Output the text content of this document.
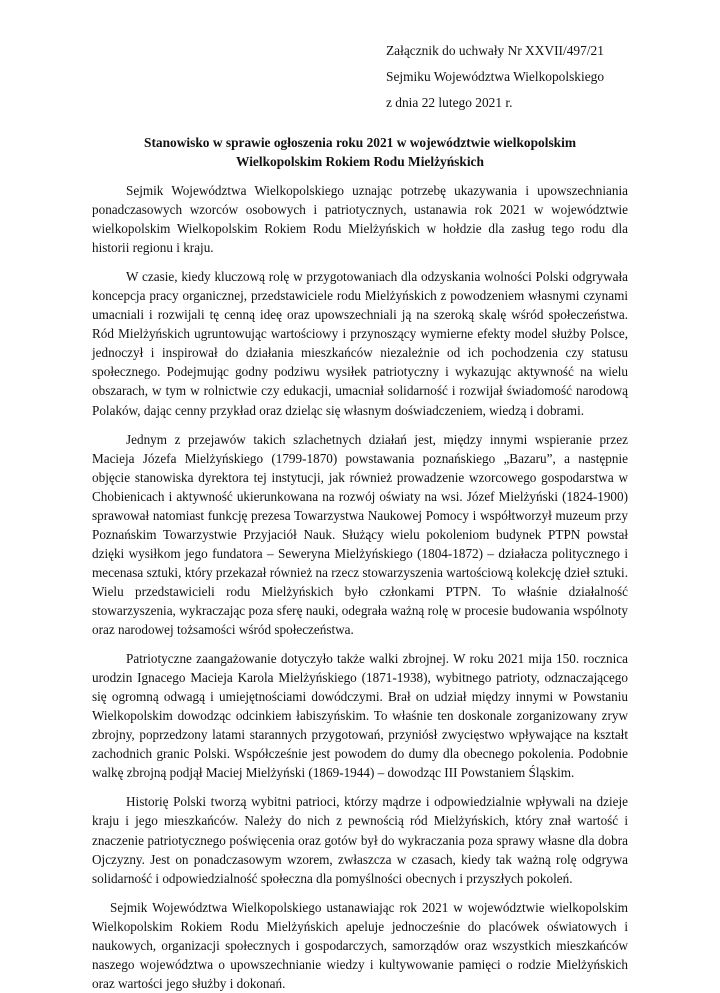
Załącznik do uchwały Nr XXVII/497/21
Sejmiku Województwa Wielkopolskiego
z dnia 22 lutego 2021 r.
Stanowisko w sprawie ogłoszenia roku 2021 w województwie wielkopolskim
Wielkopolskim Rokiem Rodu Mielżyńskich

Sejmik Województwa Wielkopolskiego uznając potrzebę ukazywania i upowszechniania ponadczasowych wzorców osobowych i patriotycznych, ustanawia rok 2021 w województwie wielkopolskim Wielkopolskim Rokiem Rodu Mielżyńskich w hołdzie dla zasług tego rodu dla historii regionu i kraju.

W czasie, kiedy kluczową rolę w przygotowaniach dla odzyskania wolności Polski odgrywała koncepcja pracy organicznej, przedstawiciele rodu Mielżyńskich z powodzeniem własnymi czynami umacniali i rozwijali tę cenną ideę oraz upowszechniali ją na szeroką skalę wśród społeczeństwa. Ród Mielżyńskich ugruntowując wartościowy i przynoszący wymierne efekty model służby Polsce, jednoczył i inspirował do działania mieszkańców niezależnie od ich pochodzenia czy statusu społecznego. Podejmując godny podziwu wysiłek patriotyczny i wykazując aktywność na wielu obszarach, w tym w rolnictwie czy edukacji, umacniał solidarność i rozwijał świadomość narodową Polaków, dając cenny przykład oraz dzieląc się własnym doświadczeniem, wiedzą i dobrami.

Jednym z przejawów takich szlachetnych działań jest, między innymi wspieranie przez Macieja Józefa Mielżyńskiego (1799-1870) powstawania poznańskiego „Bazaru”, a następnie objęcie stanowiska dyrektora tej instytucji, jak również prowadzenie wzorcowego gospodarstwa w Chobienicach i aktywność ukierunkowana na rozwój oświaty na wsi. Józef Mielżyński (1824-1900) sprawował natomiast funkcję prezesa Towarzystwa Naukowej Pomocy i współtworzył muzeum przy Poznańskim Towarzystwie Przyjaciół Nauk. Służący wielu pokoleniom budynek PTPN powstał dzięki wysiłkom jego fundatora – Seweryna Mielżyńskiego (1804-1872) – działacza politycznego i mecenasa sztuki, który przekazał również na rzecz stowarzyszenia wartościową kolekcję dzieł sztuki. Wielu przedstawicieli rodu Mielżyńskich było członkami PTPN. To właśnie działalność stowarzyszenia, wykraczając poza sferę nauki, odegrała ważną rolę w procesie budowania wspólnoty oraz narodowej tożsamości wśród społeczeństwa.

Patriotyczne zaangażowanie dotyczyło także walki zbrojnej. W roku 2021 mija 150. rocznica urodzin Ignacego Macieja Karola Mielżyńskiego (1871-1938), wybitnego patrioty, odznaczającego się ogromną odwagą i umiejętnościami dowódczymi. Brał on udział między innymi w Powstaniu Wielkopolskim dowodząc odcinkiem łabiszyńskim. To właśnie ten doskonale zorganizowany zryw zbrojny, poprzedzony latami starannych przygotowań, przyniósł zwycięstwo wpływające na kształt zachodnich granic Polski. Współcześnie jest powodem do dumy dla obecnego pokolenia. Podobnie walkę zbrojną podjął Maciej Mielżyński (1869-1944) – dowodząc III Powstaniem Śląskim.

Historię Polski tworzą wybitni patrioci, którzy mądrze i odpowiedzialnie wpływali na dzieje kraju i jego mieszkańców. Należy do nich z pewnością ród Mielżyńskich, który znał wartość i znaczenie patriotycznego poświęcenia oraz gotów był do wykraczania poza sprawy własne dla dobra Ojczyzny. Jest on ponadczasowym wzorem, zwłaszcza w czasach, kiedy tak ważną rolę odgrywa solidarność i odpowiedzialność społeczna dla pomyślności obecnych i przyszłych pokoleń.

Sejmik Województwa Wielkopolskiego ustanawiając rok 2021 w województwie wielkopolskim Wielkopolskim Rokiem Rodu Mielżyńskich apeluje jednocześnie do placówek oświatowych i naukowych, organizacji społecznych i gospodarczych, samorządów oraz wszystkich mieszkańców naszego województwa o upowszechnianie wiedzy i kultywowanie pamięci o rodzie Mielżyńskich oraz wartości jego służby i dokonań.
